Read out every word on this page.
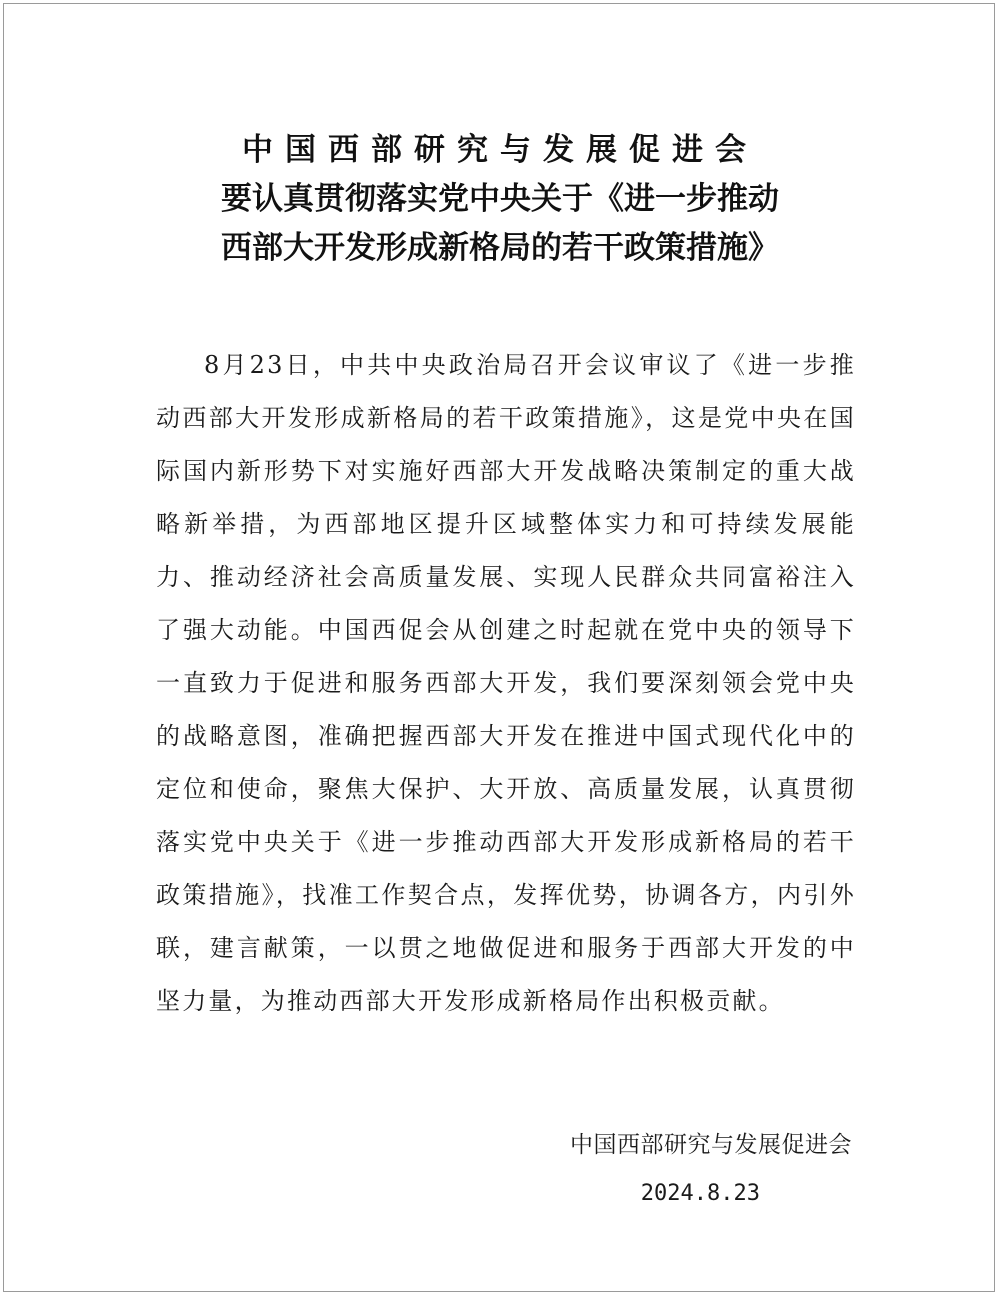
中国西部研究与发展促进会
要认真贯彻落实党中央关于《进一步推动
西部大开发形成新格局的若干政策措施》

8月23日，中共中央政治局召开会议审议了《进一步推动西部大开发形成新格局的若干政策措施》，这是党中央在国际国内新形势下对实施好西部大开发战略决策制定的重大战略新举措，为西部地区提升区域整体实力和可持续发展能力、推动经济社会高质量发展、实现人民群众共同富裕注入了强大动能。中国西促会从创建之时起就在党中央的领导下一直致力于促进和服务西部大开发，我们要深刻领会党中央的战略意图，准确把握西部大开发在推进中国式现代化中的定位和使命，聚焦大保护、大开放、高质量发展，认真贯彻落实党中央关于《进一步推动西部大开发形成新格局的若干政策措施》，找准工作契合点，发挥优势，协调各方，内引外联，建言献策，一以贯之地做促进和服务于西部大开发的中坚力量，为推动西部大开发形成新格局作出积极贡献。

中国西部研究与发展促进会
2024.8.23
